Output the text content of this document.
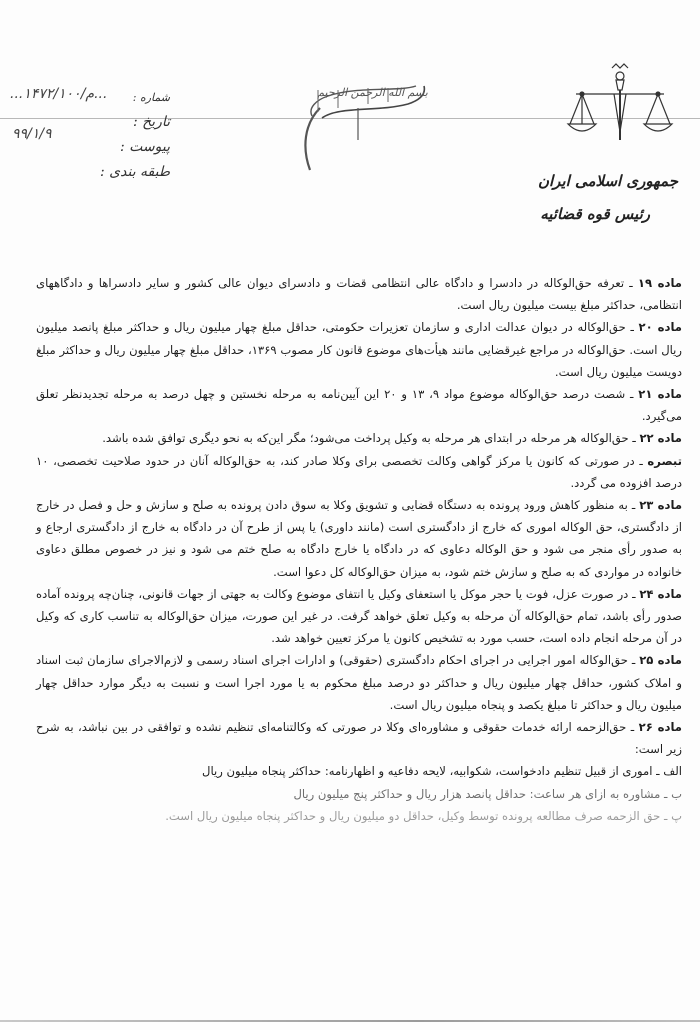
شماره :
تاریخ :
پیوست :
طبقه بندی :
...۱۴۷۲/۱۰۰/م...
۹۹/۱/۹
بسم الله الرحمن الرحیم
جمهوری اسلامی ایران
رئیس قوه قضائیه

ماده ۱۹ ـ تعرفه حق‌الوکاله در دادسرا و دادگاه عالی انتظامی قضات و دادسرای دیوان عالی کشور و سایر دادسراها و دادگاههای انتظامی، حداکثر مبلغ بیست میلیون ریال است.

ماده ۲۰ ـ حق‌الوکاله در دیوان عدالت اداری و سازمان تعزیرات حکومتی، حداقل مبلغ چهار میلیون ریال و حداکثر مبلغ پانصد میلیون ریال است. حق‌الوکاله در مراجع غیرقضایی مانند هیأت‌های موضوع قانون کار مصوب ۱۳۶۹، حداقل مبلغ چهار میلیون ریال و حداکثر مبلغ دویست میلیون ریال است.

ماده ۲۱ ـ شصت درصد حق‌الوکاله موضوع مواد ۹، ۱۳ و ۲۰ این آیین‌نامه به مرحله نخستین و چهل درصد به مرحله تجدیدنظر تعلق می‌گیرد.

ماده ۲۲ ـ حق‌الوکاله هر مرحله در ابتدای هر مرحله به وکیل پرداخت می‌شود؛ مگر این‌که به نحو دیگری توافق شده باشد.

تبصره ـ در صورتی که کانون یا مرکز گواهی وکالت تخصصی برای وکلا صادر کند، به حق‌الوکاله آنان در حدود صلاحیت تخصصی، ۱۰ درصد افزوده می گردد.

ماده ۲۳ ـ به منظور کاهش ورود پرونده به دستگاه قضایی و تشویق وکلا به سوق دادن پرونده به صلح و سازش و حل و فصل در خارج از دادگستری، حق الوکاله اموری که خارج از دادگستری است (مانند داوری) یا پس از طرح آن در دادگاه به خارج از دادگستری ارجاع و به صدور رأی منجر می شود و حق الوکاله دعاوی که در دادگاه یا خارج دادگاه به صلح ختم می شود و نیز در خصوص مطلق دعاوی خانواده در مواردی که به صلح و سازش ختم شود، به میزان حق‌الوکاله کل دعوا است.

ماده ۲۴ ـ در صورت عزل، فوت یا حجر موکل یا استعفای وکیل یا انتفای موضوع وکالت به جهتی از جهات قانونی، چنان‌چه پرونده آماده صدور رأی باشد، تمام حق‌الوکاله آن مرحله به وکیل تعلق خواهد گرفت. در غیر این صورت، میزان حق‌الوکاله به تناسب کاری که وکیل در آن مرحله انجام داده است، حسب مورد به تشخیص کانون یا مرکز تعیین خواهد شد.

ماده ۲۵ ـ حق‌الوکاله امور اجرایی در اجرای احکام دادگستری (حقوقی) و ادارات اجرای اسناد رسمی و لازم‌الاجرای سازمان ثبت اسناد و املاک کشور، حداقل چهار میلیون ریال و حداکثر دو درصد مبلغ محکوم به یا مورد اجرا است و نسبت به دیگر موارد حداقل چهار میلیون ریال و حداکثر تا مبلغ یکصد و پنجاه میلیون ریال است.

ماده ۲۶ ـ حق‌الزحمه ارائه خدمات حقوقی و مشاوره‌ای وکلا در صورتی که وکالتنامه‌ای تنظیم نشده و توافقی در بین نباشد، به شرح زیر است:

الف ـ اموری از قبیل تنظیم دادخواست، شکوابیه، لایحه دفاعیه و اظهارنامه: حداکثر پنجاه میلیون ریال

ب ـ مشاوره به ازای هر ساعت: حداقل پانصد هزار ریال و حداکثر پنج میلیون ریال

پ ـ حق الزحمه صرف مطالعه پرونده توسط وکیل، حداقل دو میلیون ریال و حداکثر پنجاه میلیون ریال است.
